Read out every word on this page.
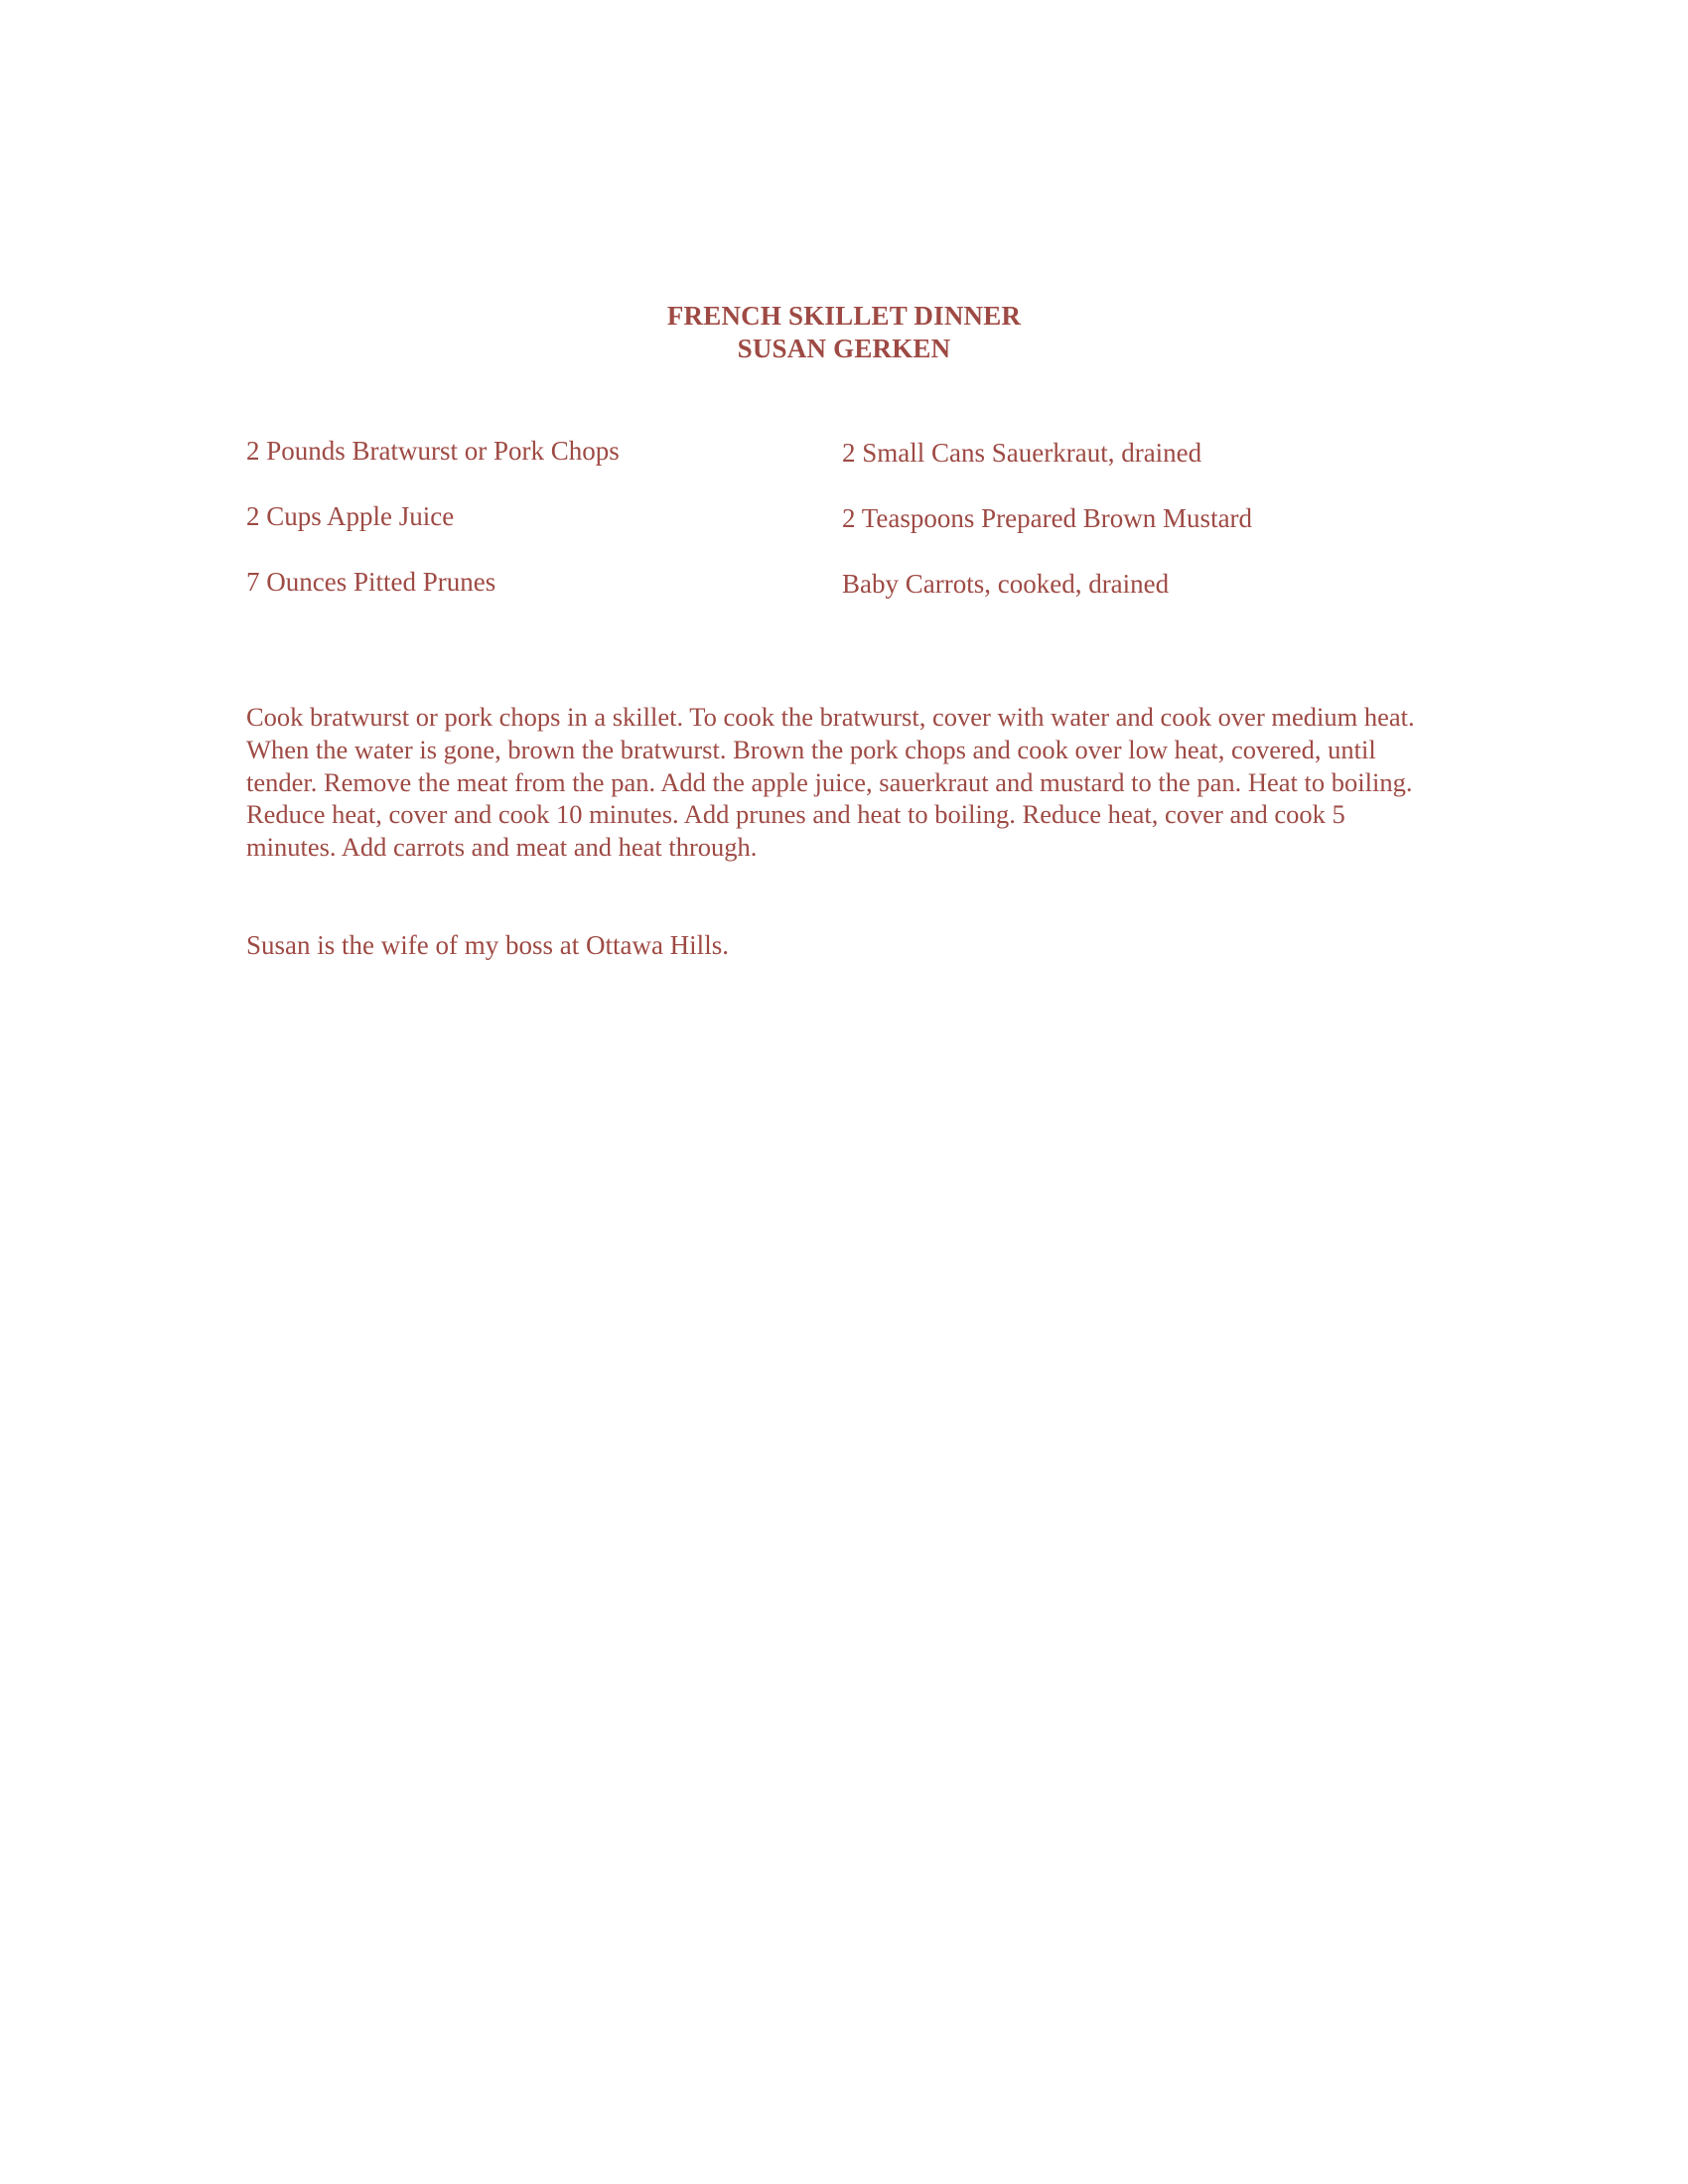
FRENCH SKILLET DINNER
SUSAN GERKEN
2 Pounds Bratwurst or Pork Chops
2 Cups Apple Juice
7 Ounces Pitted Prunes
2 Small Cans Sauerkraut, drained
2 Teaspoons Prepared Brown Mustard
Baby Carrots, cooked, drained

Cook bratwurst or pork chops in a skillet. To cook the bratwurst, cover with water and cook over medium heat. When the water is gone, brown the bratwurst. Brown the pork chops and cook over low heat, covered, until tender. Remove the meat from the pan. Add the apple juice, sauerkraut and mustard to the pan. Heat to boiling. Reduce heat, cover and cook 10 minutes. Add prunes and heat to boiling. Reduce heat, cover and cook 5 minutes. Add carrots and meat and heat through.

Susan is the wife of my boss at Ottawa Hills.
